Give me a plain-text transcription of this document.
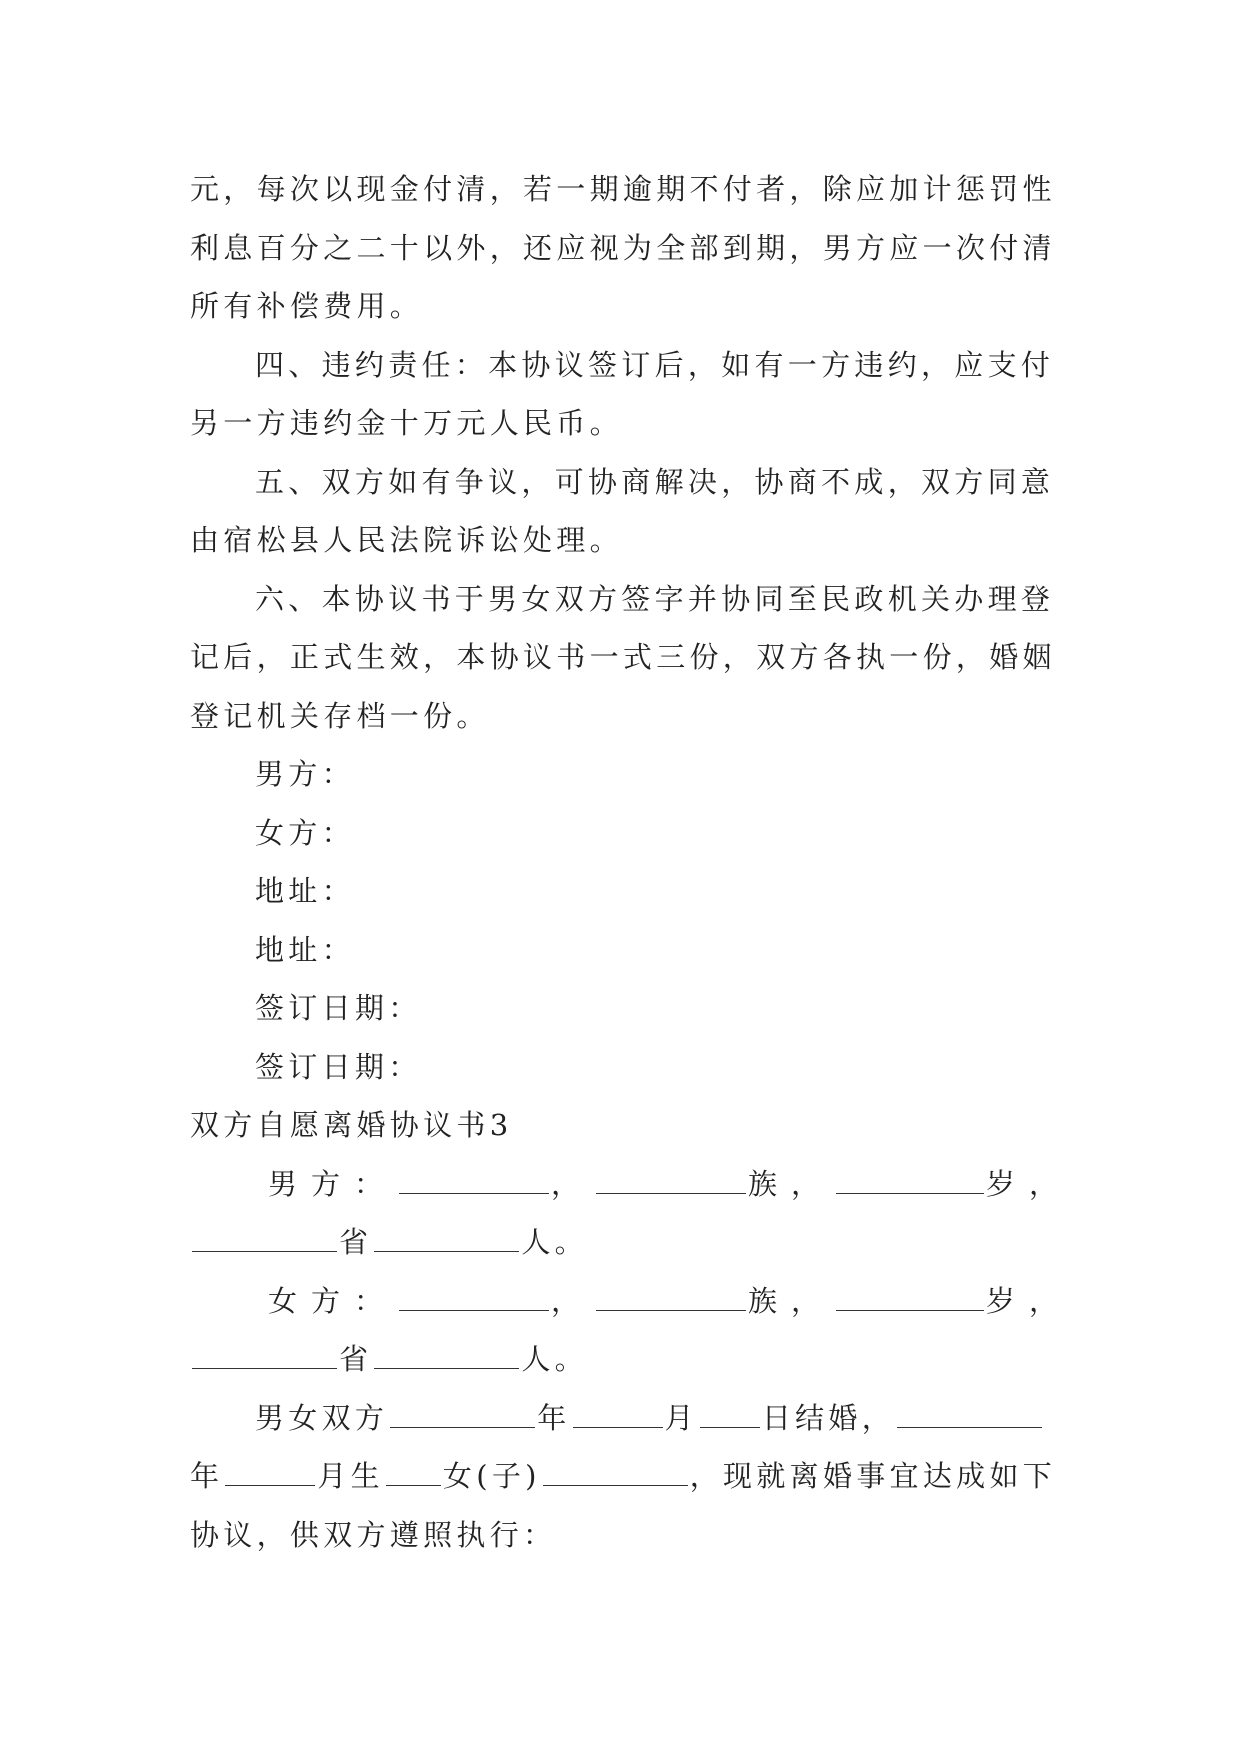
元，每次以现金付清，若一期逾期不付者，除应加计惩罚性
利息百分之二十以外，还应视为全部到期，男方应一次付清
所有补偿费用。
四、违约责任：本协议签订后，如有一方违约，应支付
另一方违约金十万元人民币。
五、双方如有争议，可协商解决，协商不成，双方同意
由宿松县人民法院诉讼处理。
六、本协议书于男女双方签字并协同至民政机关办理登
记后，正式生效，本协议书一式三份，双方各执一份，婚姻
登记机关存档一份。
男方：
女方：
地址：
地址：
签订日期：
签订日期：
双方自愿离婚协议书3
男方：	，	族，	岁，
省	人。
女方：	，	族，	岁，
省	人。
男女双方	年	月 日结婚，
年	月生 女(子)	，现就离婚事宜达成如下
协议，供双方遵照执行：
